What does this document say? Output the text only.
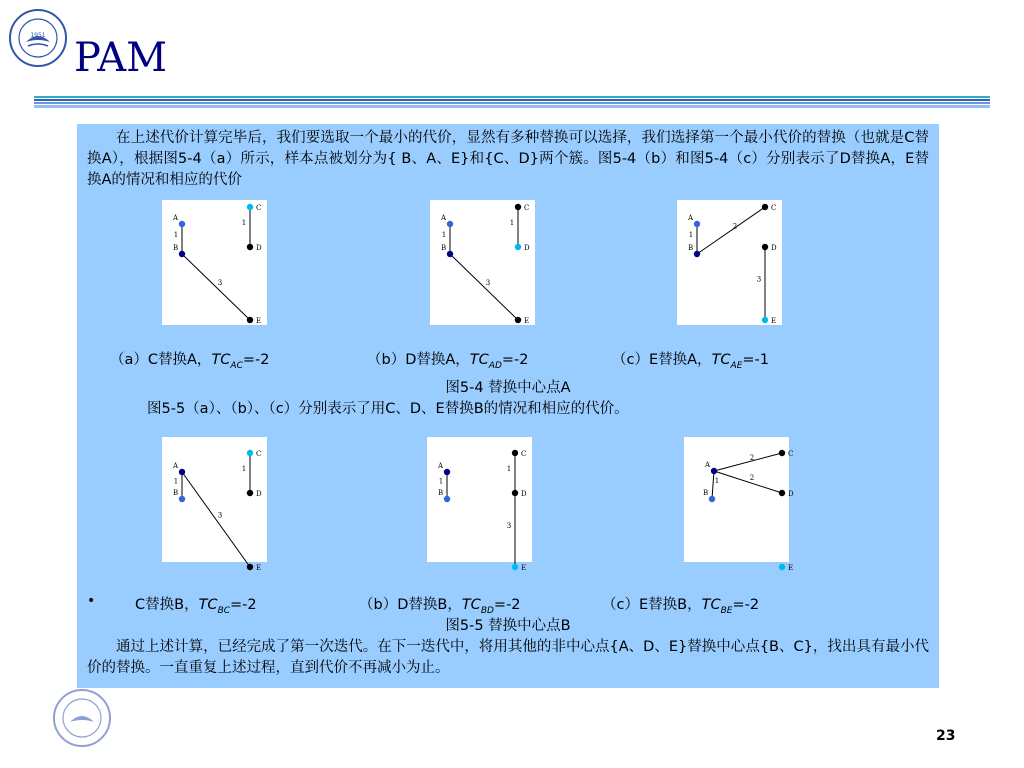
1951 PAM
在上述代价计算完毕后，我们要选取一个最小的代价，显然有多种替换可以选择，我们选择第一个最小代价的替换（也就是C替换A），根据图5-4（a）所示，样本点被划分为{ B、A、E}和{C、D}两个簇。图5-4（b）和图5-4（c）分别表示了D替换A，E替换A的情况和相应的代价
1
1
3
A
B
C
D
E
1
1
3
A
B
C
D
E
1
2
3
A
B
C
D
E
（a）C替换A，$TC_{AC}=-2$	（b）D替换A，$TC_{AD}=-2$	（c）E替换A，$TC_{AE}=-1$
图5-4 替换中心点A
图5-5（a）、（b）、（c）分别表示了用C、D、E替换B的情况和相应的代价。
1
1
3
A
B
C
D
E
1
1
3
A
B
C
D
E
1
2
2
A
B
C
D
E
•	C替换B，$TC_{BC}=-2$	（b）D替换B，$TC_{BD}=-2$	（c）E替换B，$TC_{BE}=-2$
图5-5 替换中心点B
通过上述计算，已经完成了第一次迭代。在下一迭代中，将用其他的非中心点{A、D、E}替换中心点{B、C}，找出具有最小代价的替换。一直重复上述过程，直到代价不再减小为止。
23
